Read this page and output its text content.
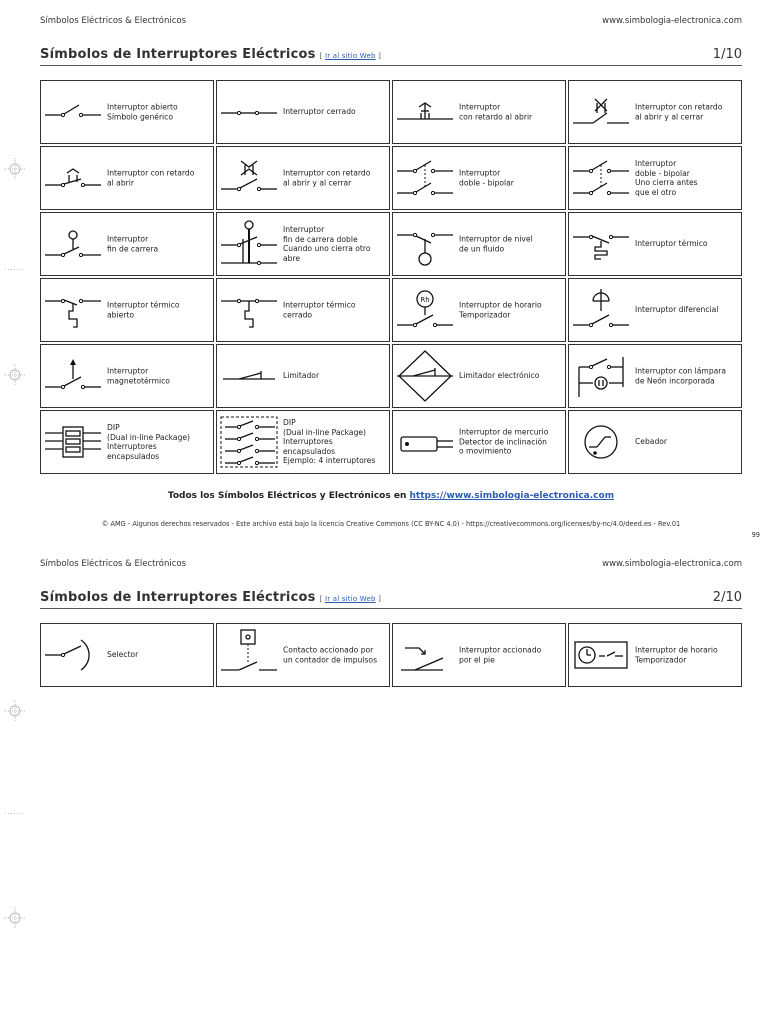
Símbolos Eléctricos & Electrónicos	www.simbologia-electronica.com
Símbolos de Interruptores Eléctricos [ Ir al sitio Web ]	1/10
Interruptor abierto
Símbolo genérico
Interruptor cerrado
Interruptor
con retardo al abrir
Interruptor con retardo
al abrir y al cerrar
Interruptor con retardo
al abrir
Interruptor con retardo
al abrir y al cerrar
Interruptor
doble - bipolar
Interruptor
doble - bipolar
Uno cierra antes
que el otro
Interruptor
fin de carrera
Interruptor
fin de carrera doble
Cuando uno cierra otro
abre
Interruptor de nivel
de un fluido
Interruptor térmico
Interruptor térmico
abierto
Interruptor térmico
cerrado
Rh
Interruptor de horario
Temporizador
Interruptor diferencial
Interruptor
magnetotérmico
Limitador	Limitador electrónico
Interruptor con lámpara
de Neón incorporada
DIP
(Dual in-line Package)
Interruptores
encapsulados
DIP
(Dual in-line Package)
Interruptores
encapsulados
Ejemplo: 4 interruptores
Interruptor de mercurio
Detector de inclinación
o movimiento
Cebador
Todos los Símbolos Eléctricos y Electrónicos en https://www.simbologia-electronica.com
© AMG - Algunos derechos reservados - Este archivo está bajo la licencia Creative Commons (CC BY-NC 4.0) - https://creativecommons.org/licenses/by-nc/4.0/deed.es - Rev.01
99
Símbolos Eléctricos & Electrónicos	www.simbologia-electronica.com
Símbolos de Interruptores Eléctricos [ Ir al sitio Web ]	2/10
Selector
Contacto accionado por
un contador de impulsos
Interruptor accionado
por el pie
Interruptor de horario
Temporizador
......
......
